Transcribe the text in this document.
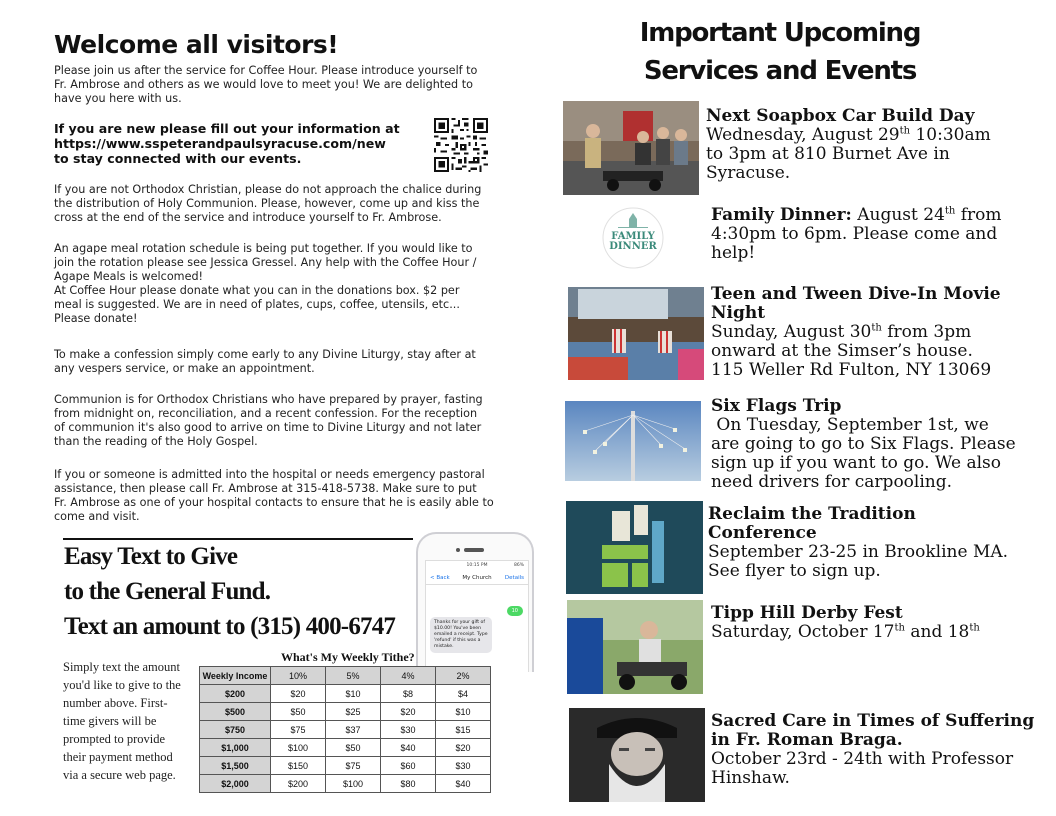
Welcome all visitors!
Please join us after the service for Coffee Hour. Please introduce yourself to
Fr. Ambrose and others as we would love to meet you! We are delighted to
have you here with us.
If you are new please fill out your information at
https://www.sspeterandpaulsyracuse.com/new
to stay connected with our events.
If you are not Orthodox Christian, please do not approach the chalice during
the distribution of Holy Communion. Please, however, come up and kiss the
cross at the end of the service and introduce yourself to Fr. Ambrose.
An agape meal rotation schedule is being put together. If you would like to
join the rotation please see Jessica Gressel. Any help with the Coffee Hour /
Agape Meals is welcomed!
At Coffee Hour please donate what you can in the donations box. $2 per
meal is suggested. We are in need of plates, cups, coffee, utensils, etc...
Please donate!
To make a confession simply come early to any Divine Liturgy, stay after at
any vespers service, or make an appointment.
Communion is for Orthodox Christians who have prepared by prayer, fasting
from midnight on, reconciliation, and a recent confession. For the reception
of communion it's also good to arrive on time to Divine Liturgy and not later
than the reading of the Holy Gospel.
If you or someone is admitted into the hospital or needs emergency pastoral
assistance, then please call Fr. Ambrose at 315-418-5738. Make sure to put
Fr. Ambrose as one of your hospital contacts to ensure that he is easily able to
come and visit.
Easy Text to Give
to the General Fund.
Text an amount to (315) 400-6747
10:15 PM	86%
My Church
< Back	Details
10
Thanks for your gift of $10.00! You've been emailed a receipt. Type 'refund' if this was a mistake.
Simply text the amount
you'd like to give to the
number above. First-
time givers will be
prompted to provide
their payment method
via a secure web page.
What's My Weekly Tithe?
Weekly Income	10%	5%	4%	2%
$200	$20	$10	$8	$4
$500	$50	$25	$20	$10
$750	$75	$37	$30	$15
$1,000	$100	$50	$40	$20
$1,500	$150	$75	$60	$30
$2,000	$200	$100	$80	$40
Important Upcoming
Services and Events
Next Soapbox Car Build Day
Wednesday, August 29th 10:30am
to 3pm at 810 Burnet Ave in
Syracuse.
FAMILY DINNER
Family Dinner: August 24th from
4:30pm to 6pm. Please come and
help!
Teen and Tween Dive-In Movie
Night
Sunday, August 30th from 3pm
onward at the Simser’s house.
115 Weller Rd Fulton, NY 13069
Six Flags Trip
On Tuesday, September 1st, we
are going to go to Six Flags. Please
sign up if you want to go. We also
need drivers for carpooling.
Reclaim the Tradition
Conference
September 23-25 in Brookline MA.
See flyer to sign up.
Tipp Hill Derby Fest
Saturday, October 17th and 18th
Sacred Care in Times of Suffering
in Fr. Roman Braga.
October 23rd - 24th with Professor
Hinshaw.
